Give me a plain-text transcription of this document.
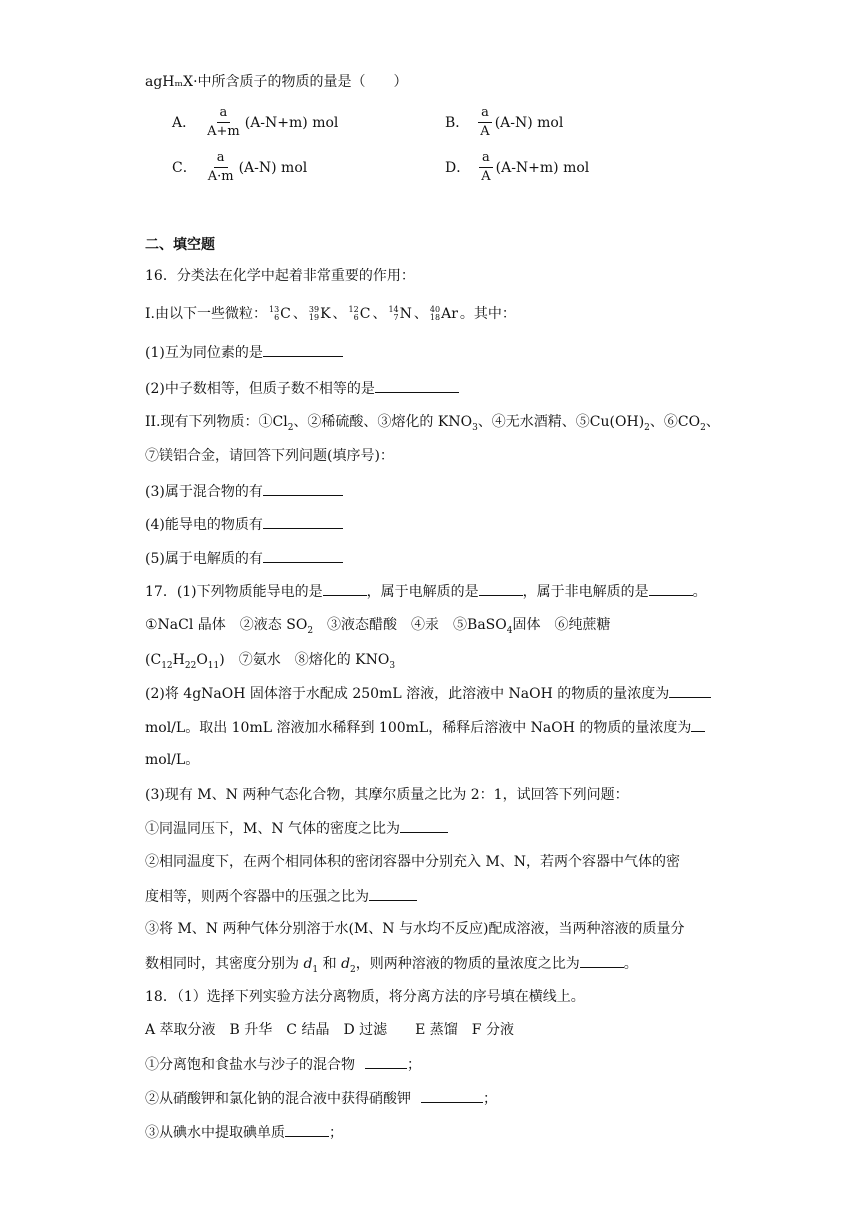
agHₘX·中所含质子的物质的量是（　　）
A． $\frac{a}{A+m} (A-N+m)$ mol	B． $\frac{a}{A} (A-N)$ mol
C． $\frac{a}{A\cdot m} (A-N)$ mol	D． $\frac{a}{A} (A-N+m)$ mol
二、填空题
16．分类法在化学中起着非常重要的作用：
I.由以下一些微粒： 13
6 C 、 39
19 K 、 12
6 C 、 14
7 N 、 40
18 Ar 。其中：
(1)互为同位素的是
(2)中子数相等，但质子数不相等的是
II.现有下列物质：$①Cl_2$、②稀硫酸、③熔化的 $KNO_3$、④无水酒精、$⑤Cu(OH)_2$、$⑥CO_2$、
⑦镁铝合金，请回答下列问题(填序号)：
(3)属于混合物的有
(4)能导电的物质有
(5)属于电解质的有
17．(1)下列物质能导电的是	，属于电解质的是	，属于非电解质的是	。
①NaCl 晶体　②液态 $SO_2$　③液态醋酸　④汞　⑤BaSO$_4$固体　⑥纯蔗糖
$(C_{12}H_{22}O_{11})$　⑦氨水　⑧熔化的 $KNO_3$
(2)将 4gNaOH 固体溶于水配成 250mL 溶液，此溶液中 NaOH 的物质的量浓度为
mol/L。取出 10mL 溶液加水稀释到 100mL，稀释后溶液中 NaOH 的物质的量浓度为
mol/L。
(3)现有 M、N 两种气态化合物，其摩尔质量之比为 2：1，试回答下列问题：
①同温同压下，M、N 气体的密度之比为
②相同温度下，在两个相同体积的密闭容器中分别充入 M、N，若两个容器中气体的密
度相等，则两个容器中的压强之比为
③将 M、N 两种气体分别溶于水(M、N 与水均不反应)配成溶液，当两种溶液的质量分
数相同时，其密度分别为 $d_1$ 和 $d_2$，则两种溶液的物质的量浓度之比为	。
18．（1）选择下列实验方法分离物质，将分离方法的序号填在横线上。
A 萃取分液　B 升华　C 结晶　D 过滤　　E 蒸馏　F 分液
①分离饱和食盐水与沙子的混合物	；
②从硝酸钾和氯化钠的混合液中获得硝酸钾	；
③从碘水中提取碘单质	；
